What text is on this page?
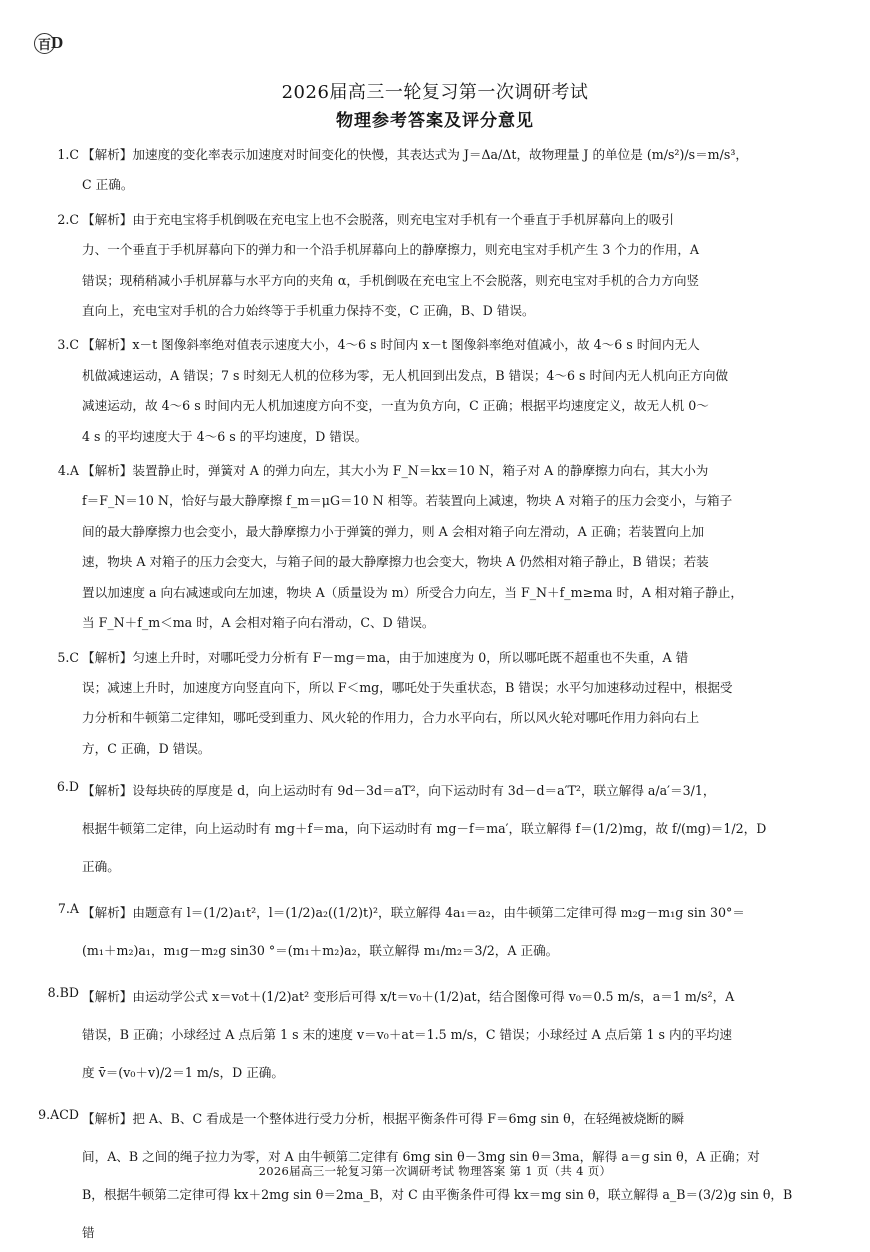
百 D
2026届高三一轮复习第一次调研考试
物理参考答案及评分意见
1.C 【解析】加速度的变化率表示加速度对时间变化的快慢，其表达式为 J＝Δa/Δt，故物理量 J 的单位是 (m/s²)/s＝m/s³，

C 正确。

2.C 【解析】由于充电宝将手机倒吸在充电宝上也不会脱落，则充电宝对手机有一个垂直于手机屏幕向上的吸引

力、一个垂直于手机屏幕向下的弹力和一个沿手机屏幕向上的静摩擦力，则充电宝对手机产生 3 个力的作用，A

错误；现稍稍减小手机屏幕与水平方向的夹角 α，手机倒吸在充电宝上不会脱落，则充电宝对手机的合力方向竖

直向上，充电宝对手机的合力始终等于手机重力保持不变，C 正确，B、D 错误。

3.C 【解析】x－t 图像斜率绝对值表示速度大小，4～6 s 时间内 x－t 图像斜率绝对值减小，故 4～6 s 时间内无人

机做减速运动，A 错误；7 s 时刻无人机的位移为零，无人机回到出发点，B 错误；4～6 s 时间内无人机向正方向做

减速运动，故 4～6 s 时间内无人机加速度方向不变，一直为负方向，C 正确；根据平均速度定义，故无人机 0～

4 s 的平均速度大于 4～6 s 的平均速度，D 错误。

4.A 【解析】装置静止时，弹簧对 A 的弹力向左，其大小为 F_N＝kx＝10 N，箱子对 A 的静摩擦力向右，其大小为

f＝F_N＝10 N，恰好与最大静摩擦 f_m＝μG＝10 N 相等。若装置向上减速，物块 A 对箱子的压力会变小，与箱子

间的最大静摩擦力也会变小，最大静摩擦力小于弹簧的弹力，则 A 会相对箱子向左滑动，A 正确；若装置向上加

速，物块 A 对箱子的压力会变大，与箱子间的最大静摩擦力也会变大，物块 A 仍然相对箱子静止，B 错误；若装

置以加速度 a 向右减速或向左加速，物块 A（质量设为 m）所受合力向左，当 F_N＋f_m≥ma 时，A 相对箱子静止，

当 F_N＋f_m＜ma 时，A 会相对箱子向右滑动，C、D 错误。

5.C 【解析】匀速上升时，对哪吒受力分析有 F－mg＝ma，由于加速度为 0，所以哪吒既不超重也不失重，A 错

误；减速上升时，加速度方向竖直向下，所以 F＜mg，哪吒处于失重状态，B 错误；水平匀加速移动过程中，根据受

力分析和牛顿第二定律知，哪吒受到重力、风火轮的作用力，合力水平向右，所以风火轮对哪吒作用力斜向右上

方，C 正确，D 错误。

6.D 【解析】设每块砖的厚度是 d，向上运动时有 9d－3d＝aT²，向下运动时有 3d－d＝a′T²，联立解得 a/a′＝3/1，

根据牛顿第二定律，向上运动时有 mg＋f＝ma，向下运动时有 mg－f＝ma′，联立解得 f＝(1/2)mg，故 f/(mg)＝1/2，D

正确。

7.A 【解析】由题意有 l＝(1/2)a₁t²，l＝(1/2)a₂((1/2)t)²，联立解得 4a₁＝a₂，由牛顿第二定律可得 m₂g－m₁g sin 30°＝

(m₁＋m₂)a₁，m₁g－m₂g sin30 °＝(m₁＋m₂)a₂，联立解得 m₁/m₂＝3/2，A 正确。

8.BD 【解析】由运动学公式 x＝v₀t＋(1/2)at² 变形后可得 x/t＝v₀＋(1/2)at，结合图像可得 v₀＝0.5 m/s，a＝1 m/s²，A

错误，B 正确；小球经过 A 点后第 1 s 末的速度 v＝v₀＋at＝1.5 m/s，C 错误；小球经过 A 点后第 1 s 内的平均速

度 v̄＝(v₀＋v)/2＝1 m/s，D 正确。

9.ACD 【解析】把 A、B、C 看成是一个整体进行受力分析，根据平衡条件可得 F＝6mg sin θ，在轻绳被烧断的瞬

间，A、B 之间的绳子拉力为零，对 A 由牛顿第二定律有 6mg sin θ－3mg sin θ＝3ma，解得 a＝g sin θ，A 正确；对

B，根据牛顿第二定律可得 kx＋2mg sin θ＝2ma_B，对 C 由平衡条件可得 kx＝mg sin θ，联立解得 a_B＝(3/2)g sin θ，B 错

2026届高三一轮复习第一次调研考试 物理答案 第 1 页（共 4 页）
